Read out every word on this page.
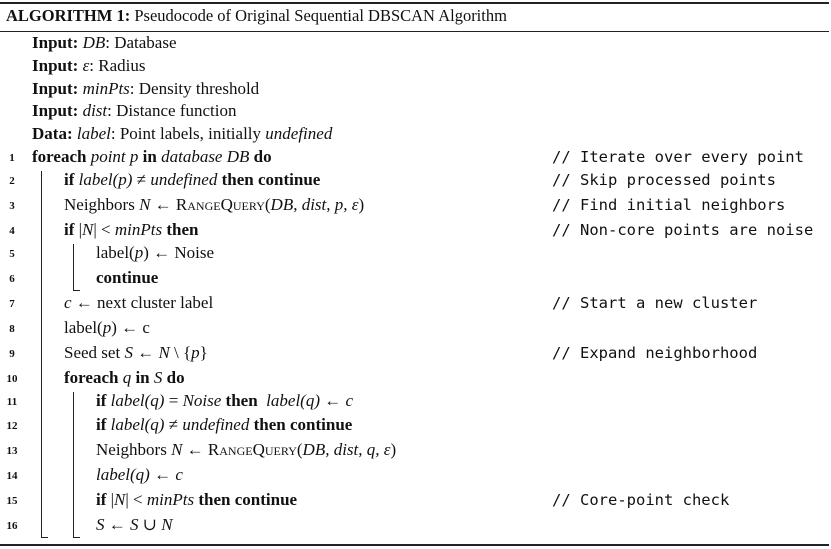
ALGORITHM 1: Pseudocode of Original Sequential DBSCAN Algorithm
Input: DB: Database
Input: ε: Radius
Input: minPts: Density threshold
Input: dist: Distance function
Data: label: Point labels, initially undefined
1	foreach point p in database DB do	// Iterate over every point
2	if label(p) ≠ undefined then continue	// Skip processed points
3	Neighbors N ← RangeQuery(DB, dist, p, ε)	// Find initial neighbors
4	if |N| < minPts then	// Non-core points are noise
5	label(p) ← Noise
6	continue
7	c ← next cluster label	// Start a new cluster
8	label(p) ← c
9	Seed set S ← N \ {p}	// Expand neighborhood
10	foreach q in S do
11	if label(q) = Noise then label(q) ← c
12	if label(q) ≠ undefined then continue
13	Neighbors N ← RangeQuery(DB, dist, q, ε)
14	label(q) ← c
15	if |N| < minPts then continue	// Core-point check
16	S ← S ∪ N
